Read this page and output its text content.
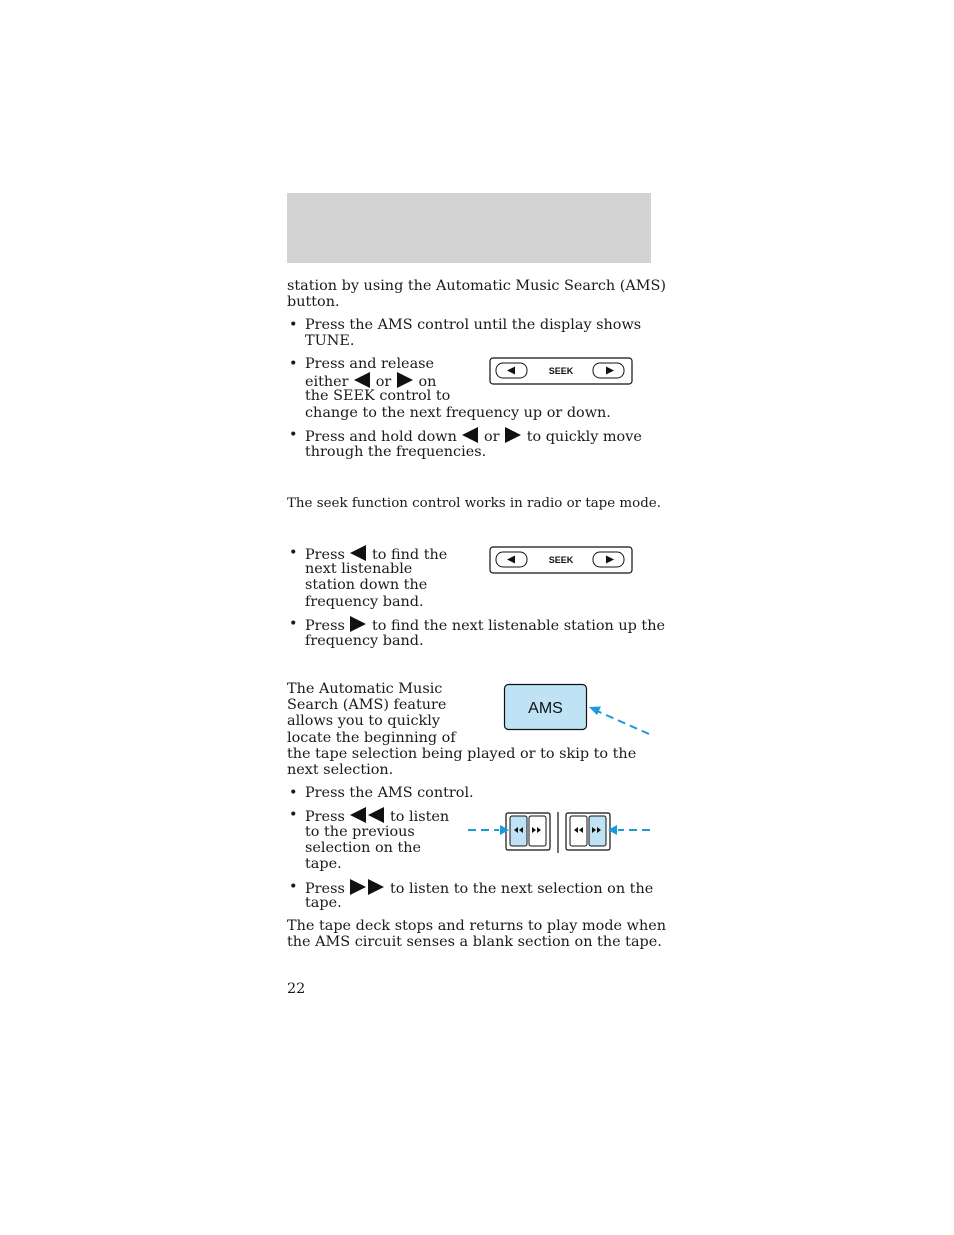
station by using the Automatic Music Search (AMS)
button.
• Press the AMS control until the display shows
TUNE.
• Press and release
either or on
the SEEK control to
change to the next frequency up or down.
SEEK
• Press and hold down or to quickly move
through the frequencies.
The seek function control works in radio or tape mode.
• Press to find the
next listenable
station down the
frequency band.
SEEK
• Press to find the next listenable station up the
frequency band.
The Automatic Music
Search (AMS) feature
allows you to quickly
locate the beginning of
the tape selection being played or to skip to the
next selection.
AMS
• Press the AMS control.
• Press	to listen
to the previous
selection on the
tape.
• Press	to listen to the next selection on the
tape.
The tape deck stops and returns to play mode when
the AMS circuit senses a blank section on the tape.
22
